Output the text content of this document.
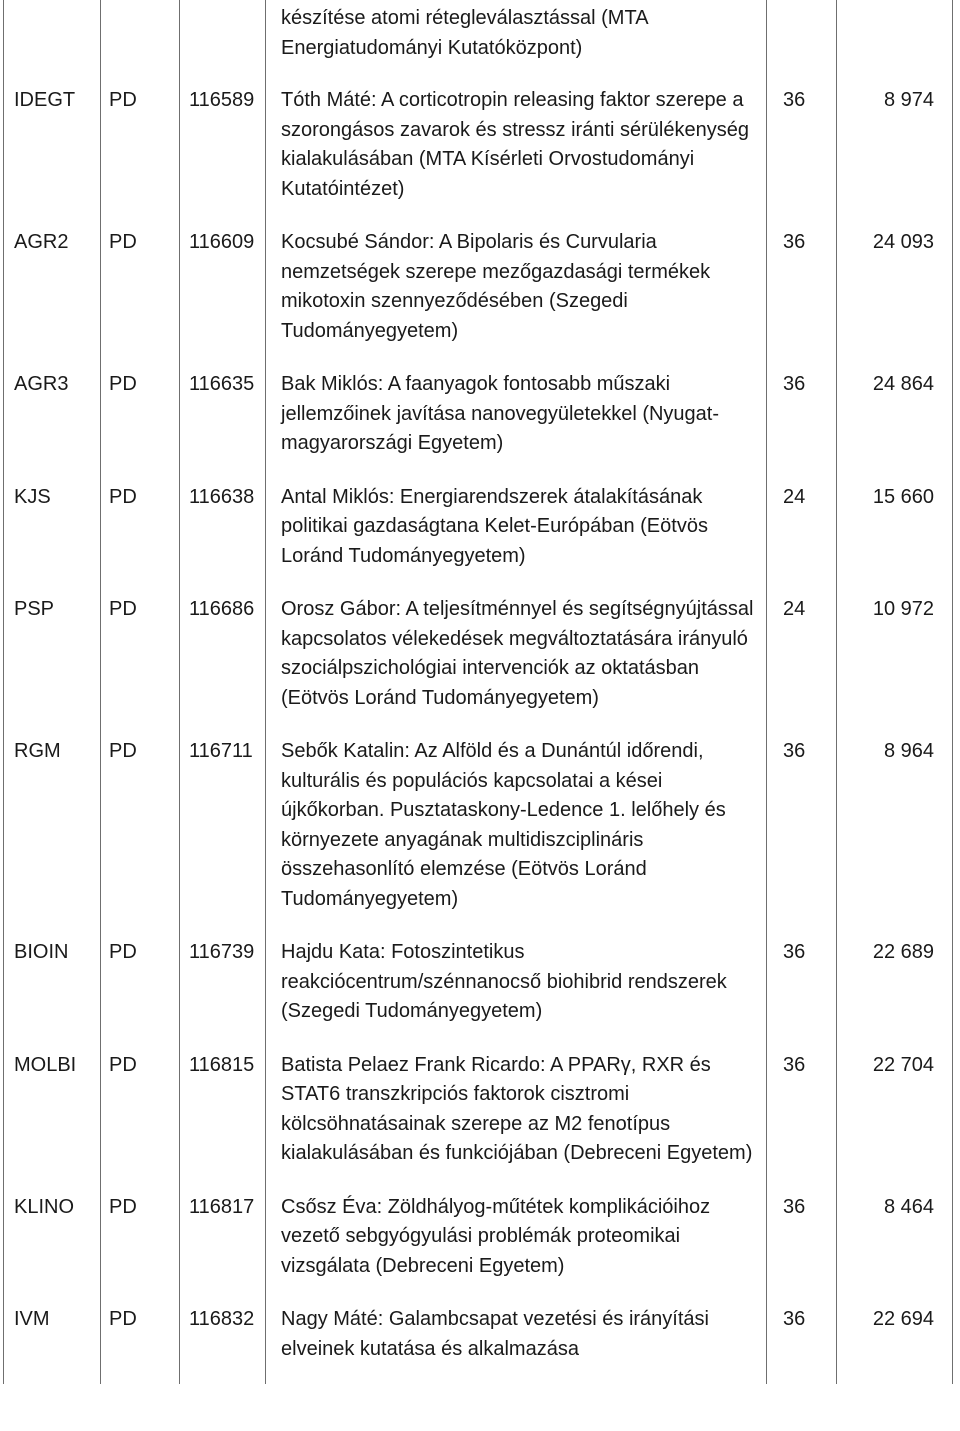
			készítése atomi rétegleválasztással (MTA Energiatudományi Kutatóközpont)		
IDEGT	PD	116589	Tóth Máté: A corticotropin releasing faktor szerepe a szorongásos zavarok és stressz iránti sérülékenység kialakulásában (MTA Kísérleti Orvostudományi Kutatóintézet)	36	8 974
AGR2	PD	116609	Kocsubé Sándor: A Bipolaris és Curvularia nemzetségek szerepe mezőgazdasági termékek mikotoxin szennyeződésében (Szegedi Tudományegyetem)	36	24 093
AGR3	PD	116635	Bak Miklós: A faanyagok fontosabb műszaki jellemzőinek javítása nanovegyületekkel (Nyugat-magyarországi Egyetem)	36	24 864
KJS	PD	116638	Antal Miklós: Energiarendszerek átalakításának politikai gazdaságtana Kelet-Európában (Eötvös Loránd Tudományegyetem)	24	15 660
PSP	PD	116686	Orosz Gábor: A teljesítménnyel és segítségnyújtással kapcsolatos vélekedések megváltoztatására irányuló szociálpszichológiai intervenciók az oktatásban (Eötvös Loránd Tudományegyetem)	24	10 972
RGM	PD	116711	Sebők Katalin: Az Alföld és a Dunántúl időrendi, kulturális és populációs kapcsolatai a kései újkőkorban. Pusztataskony-Ledence 1. lelőhely és környezete anyagának multidiszciplináris összehasonlító elemzése (Eötvös Loránd Tudományegyetem)	36	8 964
BIOIN	PD	116739	Hajdu Kata: Fotoszintetikus reakciócentrum/szénnanocső biohibrid rendszerek (Szegedi Tudományegyetem)	36	22 689
MOLBI	PD	116815	Batista Pelaez Frank Ricardo: A PPARγ, RXR és STAT6 transzkripciós faktorok cisztromi kölcsöhnatásainak szerepe az M2 fenotípus kialakulásában és funkciójában (Debreceni Egyetem)	36	22 704
KLINO	PD	116817	Csősz Éva: Zöldhályog-műtétek komplikációihoz vezető sebgyógyulási problémák proteomikai vizsgálata (Debreceni Egyetem)	36	8 464
IVM	PD	116832	Nagy Máté: Galambcsapat vezetési és irányítási elveinek kutatása és alkalmazása	36	22 694
